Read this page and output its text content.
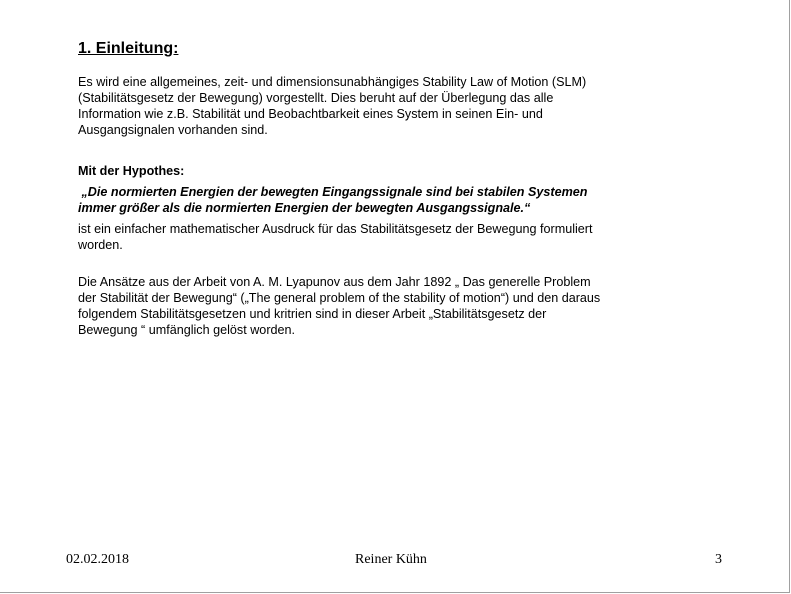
1. Einleitung:
Es wird eine allgemeines, zeit- und dimensionsunabhängiges Stability Law of Motion (SLM)
(Stabilitätsgesetz der Bewegung) vorgestellt. Dies beruht auf der Überlegung das alle
Information wie z.B. Stabilität und Beobachtbarkeit eines System in seinen Ein- und
Ausgangsignalen vorhanden sind.
Mit der Hypothes:
„Die normierten Energien der bewegten Eingangssignale sind bei stabilen Systemen
immer größer als die normierten Energien der bewegten Ausgangssignale.“
ist ein einfacher mathematischer Ausdruck für das Stabilitätsgesetz der Bewegung formuliert
worden.
Die Ansätze aus der Arbeit von A. M. Lyapunov aus dem Jahr 1892 „ Das generelle Problem
der Stabilität der Bewegung“ („The general problem of the stability of motion“) und den daraus
folgendem Stabilitätsgesetzen und kritrien sind in dieser Arbeit „Stabilitätsgesetz der
Bewegung “ umfänglich gelöst worden.
02.02.2018	Reiner Kühn	3
